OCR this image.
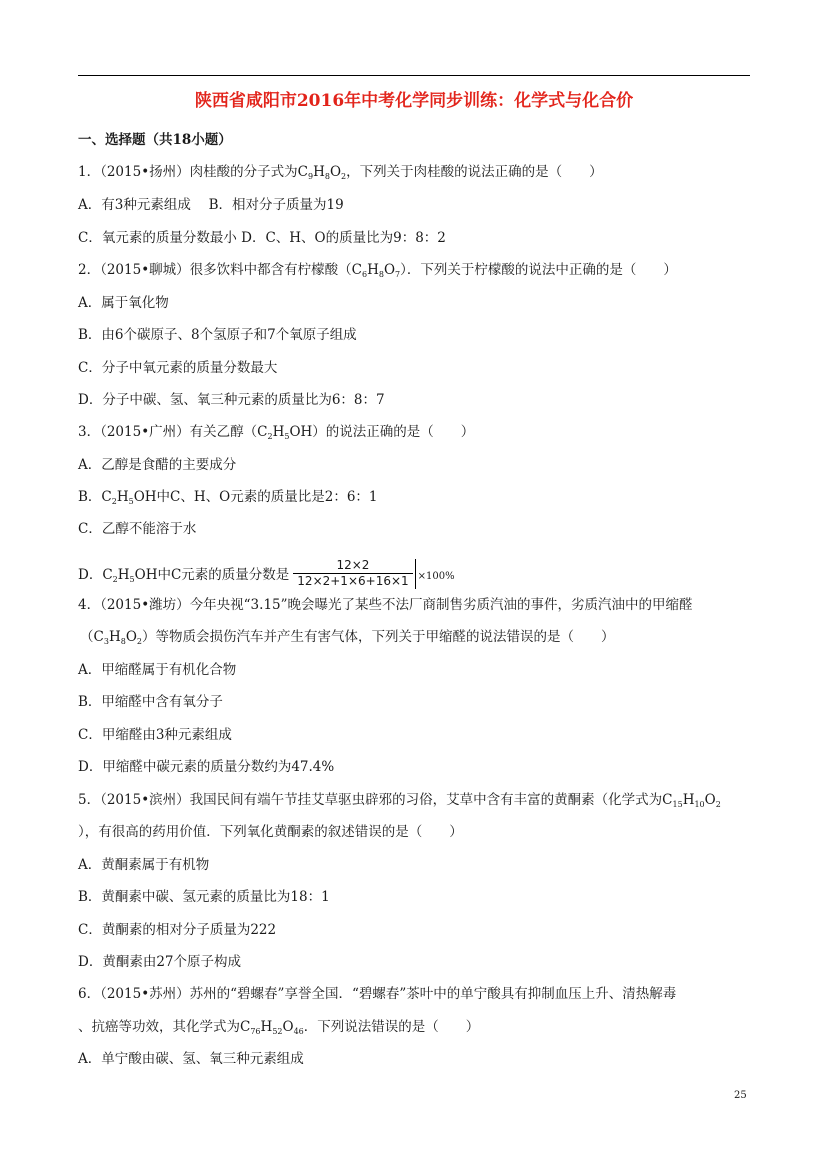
陕西省咸阳市2016年中考化学同步训练：化学式与化合价
一、选择题（共18小题）
1．（2015•扬州）肉桂酸的分子式为$C_9H_8O_2$，下列关于肉桂酸的说法正确的是（　　）
A．有3种元素组成　 B．相对分子质量为19
C．氧元素的质量分数最小 D．C、H、O的质量比为9：8：2
2．（2015•聊城）很多饮料中都含有柠檬酸$(C_6H_8O_7)$．下列关于柠檬酸的说法中正确的是（　　）
A．属于氧化物
B．由6个碳原子、8个氢原子和7个氧原子组成
C．分子中氧元素的质量分数最大
D．分子中碳、氢、氧三种元素的质量比为6：8：7
3．（2015•广州）有关乙醇$(C_2H_5OH)$的说法正确的是（　　）
A．乙醇是食醋的主要成分
B．$C_2H_5OH$中C、H、O元素的质量比是2：6：1
C．乙醇不能溶于水
D．$C_2H_5OH$中C元素的质量分数是 $\frac{12\times 2}{12\times 2+1\times 6+16\times 1} \times 100\%$
4．（2015•潍坊）今年央视“3.15”晚会曝光了某些不法厂商制售劣质汽油的事件，劣质汽油中的甲缩醛
$(C_3H_8O_2)$等物质会损伤汽车并产生有害气体，下列关于甲缩醛的说法错误的是（　　）
A．甲缩醛属于有机化合物
B．甲缩醛中含有氧分子
C．甲缩醛由3种元素组成
D．甲缩醛中碳元素的质量分数约为47.4%
5．（2015•滨州）我国民间有端午节挂艾草驱虫辟邪的习俗，艾草中含有丰富的黄酮素（化学式为$C_{15}H_{10}O_2$
），有很高的药用价值．下列氧化黄酮素的叙述错误的是（　　）
A．黄酮素属于有机物
B．黄酮素中碳、氢元素的质量比为18：1
C．黄酮素的相对分子质量为222
D．黄酮素由27个原子构成
6．（2015•苏州）苏州的“碧螺春”享誉全国．“碧螺春”茶叶中的单宁酸具有抑制血压上升、清热解毒
、抗癌等功效，其化学式为$C_{76}H_{52}O_{46}$．下列说法错误的是（　　）
A．单宁酸由碳、氢、氧三种元素组成
25
